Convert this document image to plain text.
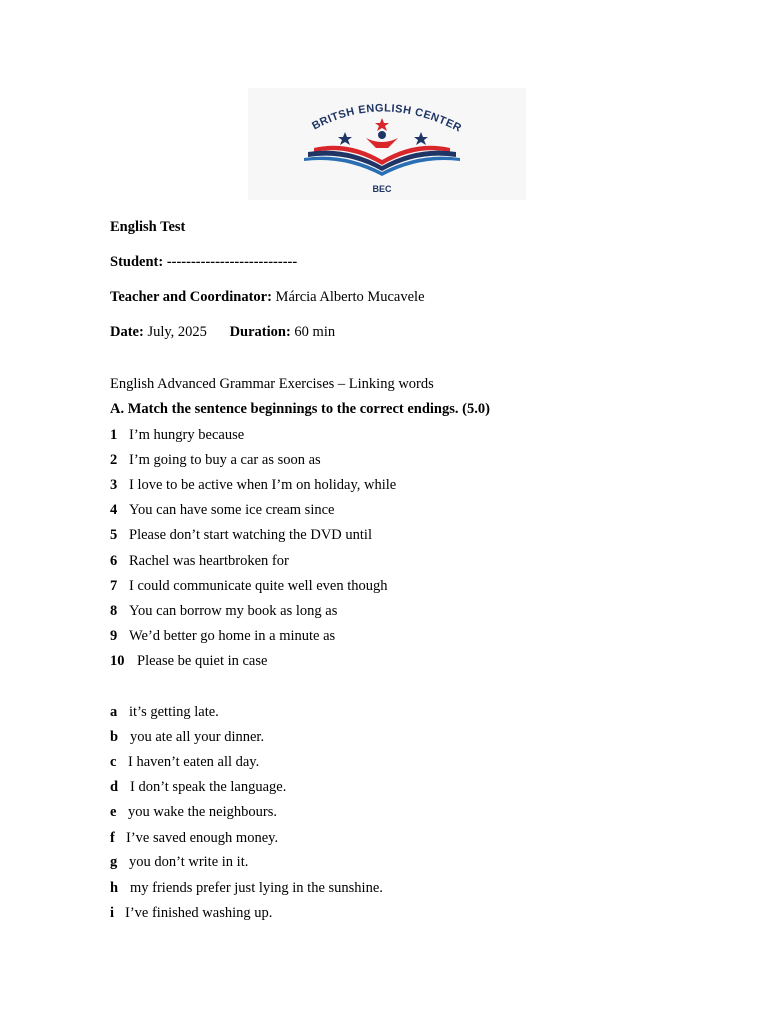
BRITSH ENGLISH CENTER
BEC
English Test
Student: ---------------------------
Teacher and Coordinator: Márcia Alberto Mucavele
Date: July, 2025 Duration: 60 min
English Advanced Grammar Exercises – Linking words
A. Match the sentence beginnings to the correct endings. (5.0)
1 I’m hungry because
2 I’m going to buy a car as soon as
3 I love to be active when I’m on holiday, while
4 You can have some ice cream since
5 Please don’t start watching the DVD until
6 Rachel was heartbroken for
7 I could communicate quite well even though
8 You can borrow my book as long as
9 We’d better go home in a minute as
10 Please be quiet in case
a it’s getting late.
b you ate all your dinner.
c I haven’t eaten all day.
d I don’t speak the language.
e you wake the neighbours.
f I’ve saved enough money.
g you don’t write in it.
h my friends prefer just lying in the sunshine.
i I’ve finished washing up.
